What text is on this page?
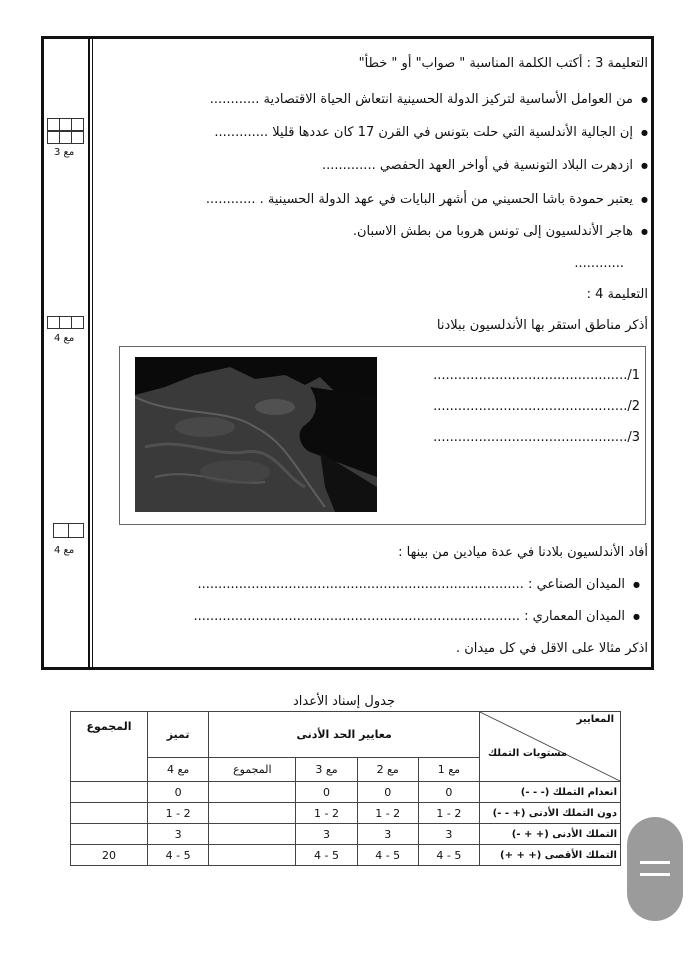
مع 3
مع 4
مع 4
التعليمة 3 : أكتب الكلمة المناسبة " صواب" أو " خطأ"
● من العوامل الأساسية لتركيز الدولة الحسينية انتعاش الحياة الاقتصادية ............
● إن الجالية الأندلسية التي حلت بتونس في القرن 17 كان عددها قليلا .............
● ازدهرت البلاد التونسية في أواخر العهد الحفصي .............
● يعتبر حمودة باشا الحسيني من أشهر البايات في عهد الدولة الحسينية . ............
● هاجر الأندلسيون إلى تونس هروبا من بطش الاسبان.
............
التعليمة 4 :
أذكر مناطق استقر بها الأندلسيون ببلادنا
1/...............................................
2/...............................................
3/...............................................
أفاد الأندلسيون بلادنا في عدة ميادين من بينها :
● الميدان الصناعي : ...............................................................................
● الميدان المعماري : ...............................................................................
اذكر مثالا على الاقل في كل ميدان .
جدول إسناد الأعداد
المعايير
مستويات التملك	معايير الحد الأدنى				تميز	المجموع
	مع 1	مع 2	مع 3	المجموع	مع 4	
انعدام التملك (- - -)	0	0	0		0	
دون التملك الأدنى (+ - -)	2 - 1	2 - 1	2 - 1		2 - 1	
التملك الأدنى (+ + -)	3	3	3		3	
التملك الأقصى (+ + +)	5 - 4	5 - 4	5 - 4		5 - 4	20
